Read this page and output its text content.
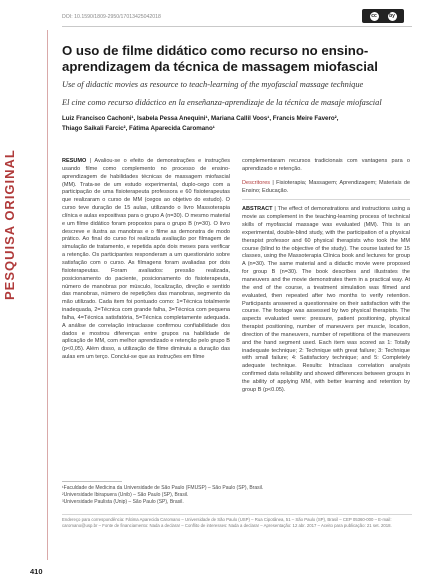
PESQUISA ORIGINAL
DOI: 10.1590/1809-2950/17013425042018	cc	by
O uso de filme didático como recurso no ensino-aprendizagem da técnica de massagem miofascial
Use of didactic movies as resource to teach-learning of the myofascial massage technique
El cine como recurso didáctico en la enseñanza-aprendizaje de la técnica de masaje miofascial
Luiz Francisco Cachoni¹, Isabela Pessa Anequini¹, Mariana Callil Voos¹, Francis Meire Favero²,
Thiago Saikali Farcic², Fátima Aparecida Caromano¹

RESUMO | Avaliou-se o efeito de demonstrações e instruções usando filme como complemento no processo de ensino-aprendizagem de habilidades técnicas de massagem miofascial (MM). Trata-se de um estudo experimental, duplo-cego com a participação de uma fisioterapeuta professora e 60 fisioterapeutas que realizaram o curso de MM (cegos ao objetivo do estudo). O curso teve duração de 15 aulas, utilizando o livro Massoterapia clínica e aulas expositivas para o grupo A (n=30). O mesmo material e um filme didático foram propostos para o grupo B (n=30). O livro descreve e ilustra as manobras e o filme as demonstra de modo prático. Ao final do curso foi realizada avaliação por filmagem de simulação de tratamento, e repetida após dois meses para verificar a retenção. Os participantes responderam a um questionário sobre satisfação com o curso. As filmagens foram avaliadas por dois fisioterapeutas. Foram avaliados: pressão realizada, posicionamento do paciente, posicionamento do fisioterapeuta, número de manobras por músculo, localização, direção e sentido das manobras, número de repetições das manobras, segmento da mão utilizado. Cada item foi pontuado como: 1=Técnica totalmente inadequada, 2=Técnica com grande falha, 3=Técnica com pequena falha, 4=Técnica satisfatória, 5=Técnica completamente adequada. A análise de correlação intraclasse confirmou confiabilidade dos dados e mostrou diferenças entre grupos na habilidade de aplicação de MM, com melhor aprendizado e retenção pelo grupo B (p<0,05). Além disso, a utilização de filme diminuiu a duração das aulas em um terço. Conclui-se que as instruções em filme

complementaram recursos tradicionais com vantagens para o aprendizado e retenção.

Descritores | Fisioterapia; Massagem; Aprendizagem; Materiais de Ensino; Educação.

ABSTRACT | The effect of demonstrations and instructions using a movie as complement in the teaching-learning process of technical skills of myofascial massage was evaluated (MM). This is an experimental, double-blind study, with the participation of a physical therapist professor and 60 physical therapists who took the MM course (blind to the objective of the study). The course lasted for 15 classes, using the Massoterapia Clínica book and lectures for group A (n=30). The same material and a didactic movie were proposed for group B (n=30). The book describes and illustrates the maneuvers and the movie demonstrates them in a practical way. At the end of the course, a treatment simulation was filmed and evaluated, then repeated after two months to verify retention. Participants answered a questionnaire on their satisfaction with the course. The footage was assessed by two physical therapists. The aspects evaluated were: pressure, patient positioning, physical therapist positioning, number of maneuvers per muscle, location, direction of the maneuvers, number of repetitions of the maneuvers and the hand segment used. Each item was scored as 1: Totally inadequate technique; 2: Technique with great failure; 3: Technique with small failure; 4: Satisfactory technique; and 5: Completely adequate technique. Results: Intraclass correlation analysis confirmed data reliability and showed differences between groups in the ability of applying MM, with better learning and retention by group B (p<0.05).

¹Faculdade de Medicina da Universidade de São Paulo (FMUSP) – São Paulo (SP), Brasil.
²Universidade Ibirapuera (Unib) – São Paulo (SP), Brasil.
³Universidade Paulista (Unip) – São Paulo (SP), Brasil.
Endereço para correspondência: Fátima Aparecida Caromano – Universidade de São Paulo (USP) – Rua Cipotânea, 51 – São Paulo (SP), Brasil – CEP 05360-000 – E-mail: caromano@usp.br – Fonte de financiamento: Nada a declarar – Conflito de interesses: Nada a declarar – Apresentação: 12 abr. 2017 – Aceito para publicação: 21 set. 2018.
410
